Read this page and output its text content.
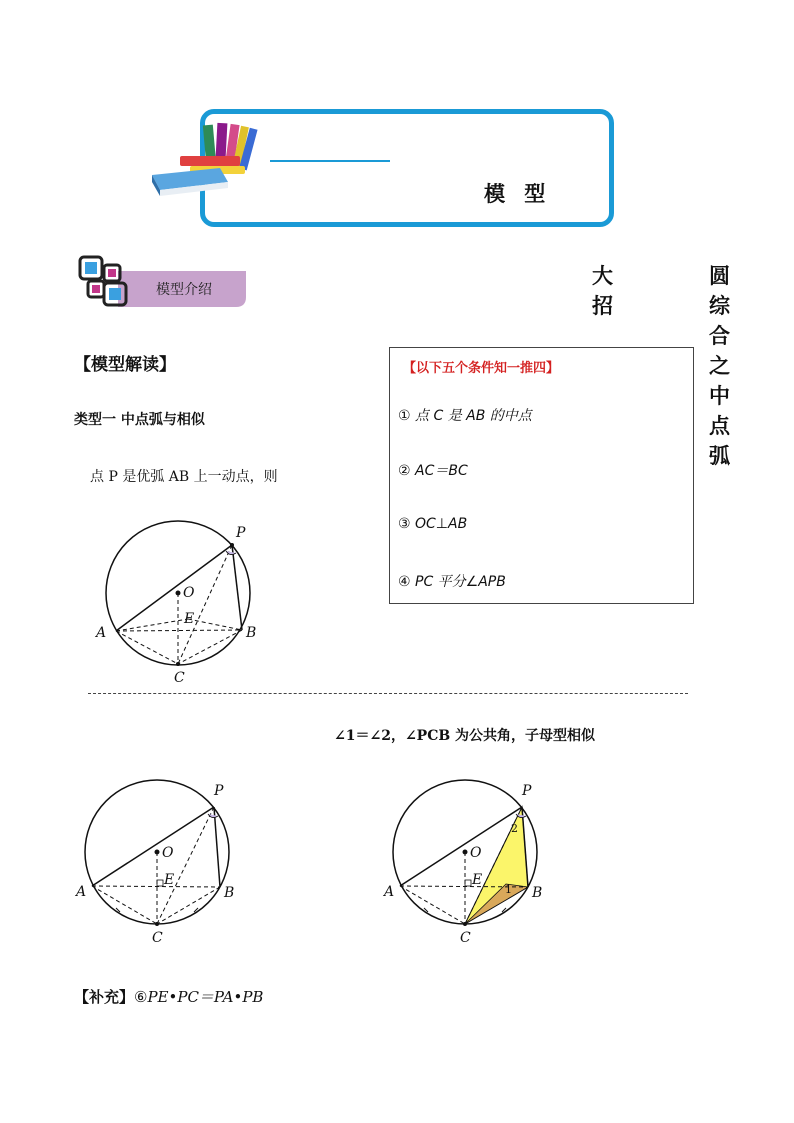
大 招
圆综合之中点弧
模 型
模型介绍
【模型解读】
类型一 中点弧与相似
点 P 是优弧 AB 上一动点，则
【以下五个条件知一推四】
① 点 C 是 AB 的中点
② AC＝BC
③ OC⊥AB
④ PC 平分∠APB
P
O
E
A	B
C
∠1＝∠2，∠PCB 为公共角，子母型相似
P
O
E
A	B
C
P
O
E
A	B
C
2
1
【补充】⑥PE•PC＝PA•PB
